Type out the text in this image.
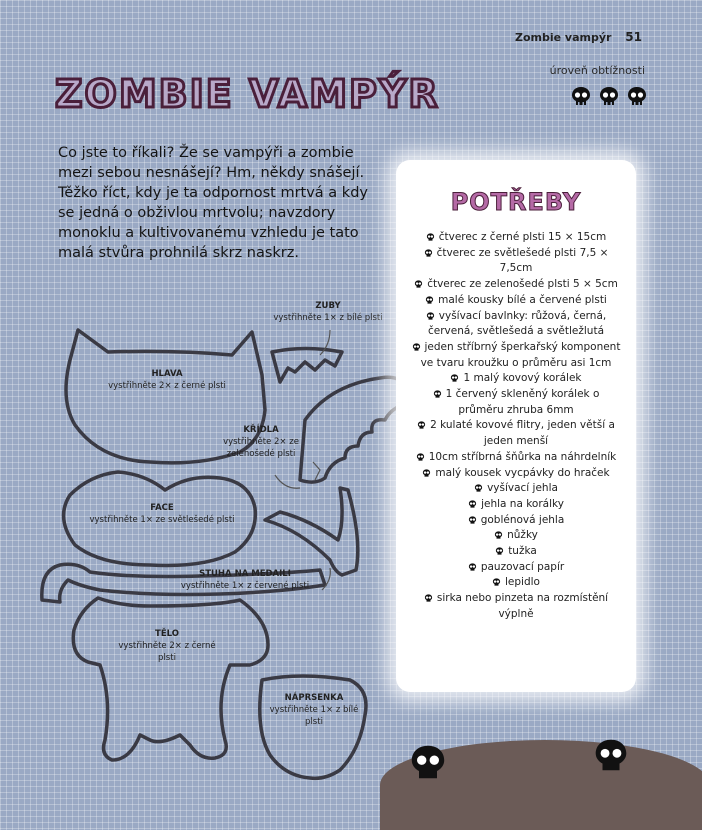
Zombie vampýr 51
ZOMBIE VAMPÝR
úroveň obtížnosti

Co jste to říkali? Že se vampýři a zombie mezi sebou nesnášejí? Hm, někdy snášejí. Těžko říct, kdy je ta odpornost mrtvá a kdy se jedná o obživlou mrtvolu; navzdory monoklu a kultivovanému vzhledu je tato malá stvůra prohnilá skrz naskrz.

ZUBY
vystřihněte 1× z bílé plsti
HLAVA
vystřihněte 2× z černé plsti
KŘÍDLA
vystřihněte 2× ze zelenošedé plsti
FACE
vystřihněte 1× ze světlešedé plsti
STUHA NA MEDAILI
vystřihněte 1× z červené plsti
TĚLO
vystřihněte 2× z černé plsti
NÁPRSENKA
vystřihněte 1× z bílé plsti
POTŘEBY
čtverec z černé plsti 15 × 15cm
čtverec ze světlešedé plsti 7,5 × 7,5cm
čtverec ze zelenošedé plsti 5 × 5cm
malé kousky bílé a červené plsti
vyšívací bavlnky: růžová, černá, červená, světlešedá a světležlutá
jeden stříbrný šperkařský komponent ve tvaru kroužku o průměru asi 1cm
1 malý kovový korálek
1 červený skleněný korálek o průměru zhruba 6mm
2 kulaté kovové flitry, jeden větší a jeden menší
10cm stříbrná šňůrka na náhrdelník
malý kousek vycpávky do hraček
vyšívací jehla
jehla na korálky
goblénová jehla
nůžky
tužka
pauzovací papír
lepidlo
sirka nebo pinzeta na rozmístění výplně
